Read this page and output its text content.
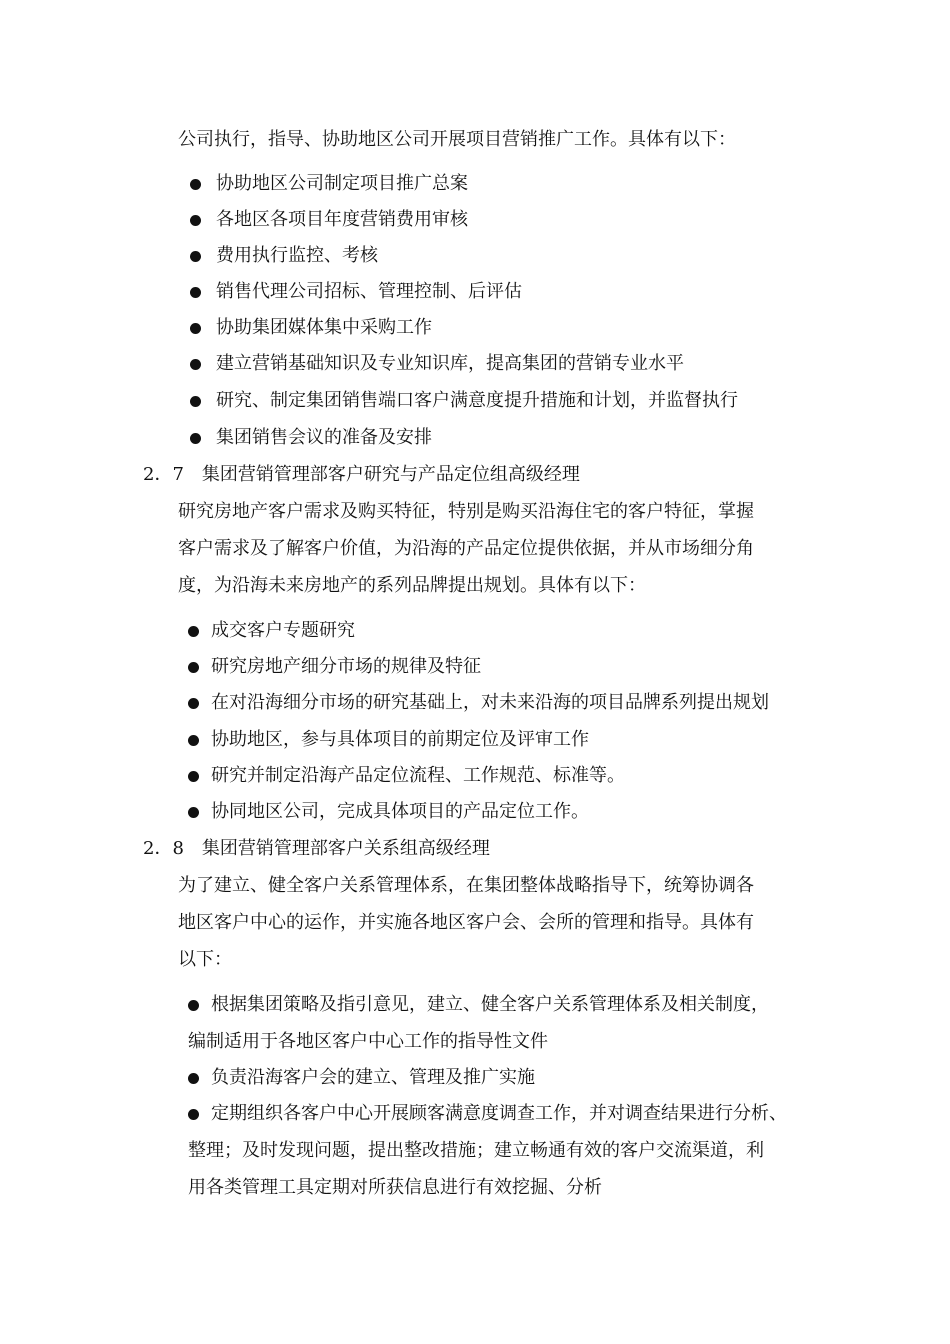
公司执行，指导、协助地区公司开展项目营销推广工作。具体有以下：
协助地区公司制定项目推广总案
各地区各项目年度营销费用审核
费用执行监控、考核
销售代理公司招标、管理控制、后评估
协助集团媒体集中采购工作
建立营销基础知识及专业知识库，提高集团的营销专业水平
研究、制定集团销售端口客户满意度提升措施和计划，并监督执行
集团销售会议的准备及安排
2．7　集团营销管理部客户研究与产品定位组高级经理
研究房地产客户需求及购买特征，特别是购买沿海住宅的客户特征，掌握
客户需求及了解客户价值，为沿海的产品定位提供依据，并从市场细分角
度，为沿海未来房地产的系列品牌提出规划。具体有以下：
成交客户专题研究
研究房地产细分市场的规律及特征
在对沿海细分市场的研究基础上，对未来沿海的项目品牌系列提出规划
协助地区，参与具体项目的前期定位及评审工作
研究并制定沿海产品定位流程、工作规范、标准等。
协同地区公司，完成具体项目的产品定位工作。
2．8　集团营销管理部客户关系组高级经理
为了建立、健全客户关系管理体系，在集团整体战略指导下，统筹协调各
地区客户中心的运作，并实施各地区客户会、会所的管理和指导。具体有
以下：
根据集团策略及指引意见，建立、健全客户关系管理体系及相关制度，
编制适用于各地区客户中心工作的指导性文件
负责沿海客户会的建立、管理及推广实施
定期组织各客户中心开展顾客满意度调查工作，并对调查结果进行分析、
整理；及时发现问题，提出整改措施；建立畅通有效的客户交流渠道，利
用各类管理工具定期对所获信息进行有效挖掘、分析
